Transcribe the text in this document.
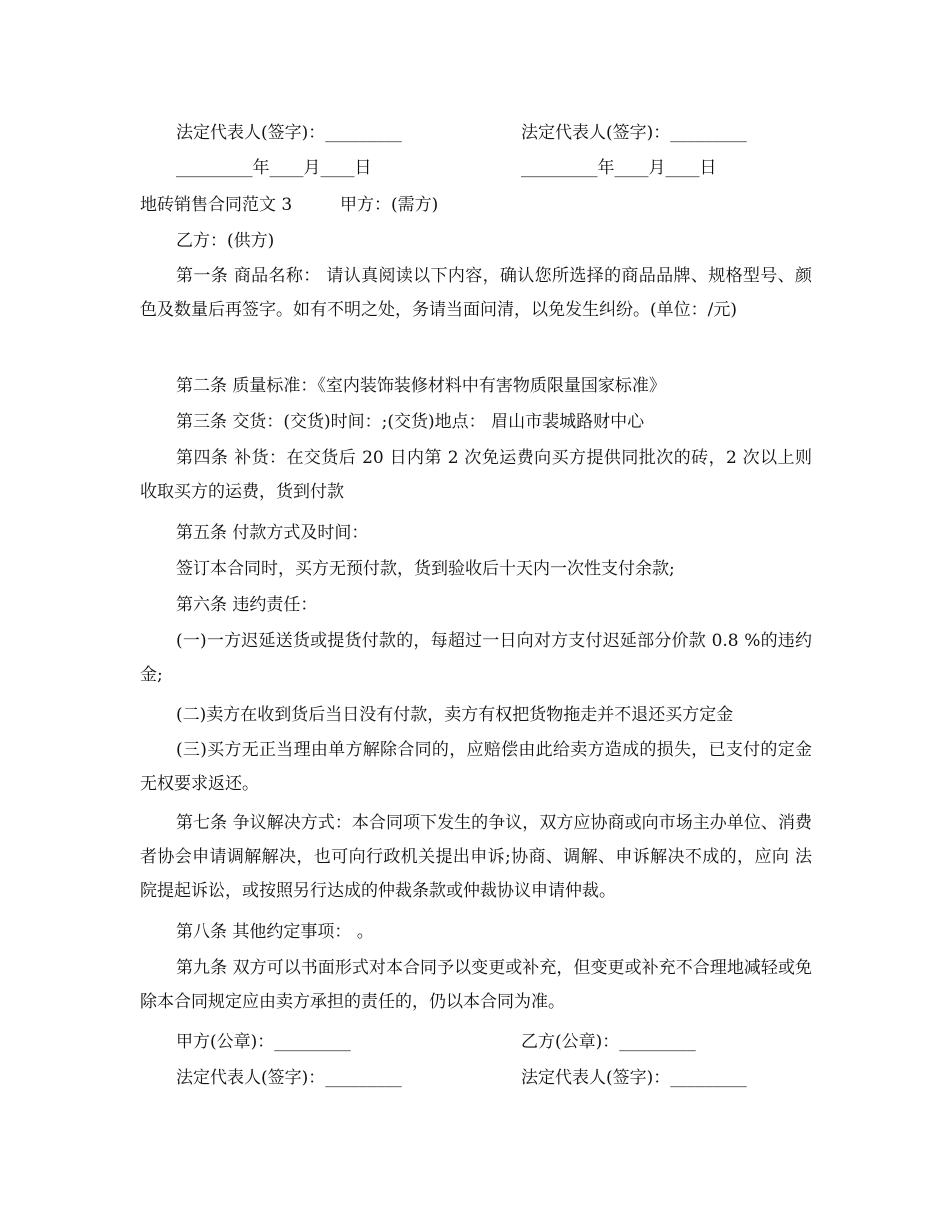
法定代表人(签字)：_________	法定代表人(签字)：_________
_________年____月____日	_________年____月____日
地砖销售合同范文 3	甲方：(需方)
乙方：(供方)
第一条 商品名称： 请认真阅读以下内容，确认您所选择的商品品牌、规格型号、颜色及数量后再签字。如有不明之处，务请当面问清，以免发生纠纷。(单位：/元)
第二条 质量标准：《室内装饰装修材料中有害物质限量国家标准》
第三条 交货：(交货)时间：;(交货)地点： 眉山市裴城路财中心
第四条 补货：在交货后 20 日内第 2 次免运费向买方提供同批次的砖，2 次以上则收取买方的运费，货到付款
第五条 付款方式及时间：
签订本合同时，买方无预付款，货到验收后十天内一次性支付余款;
第六条 违约责任：
(一)一方迟延送货或提货付款的，每超过一日向对方支付迟延部分价款 0.8 %的违约金;
(二)卖方在收到货后当日没有付款，卖方有权把货物拖走并不退还买方定金
(三)买方无正当理由单方解除合同的，应赔偿由此给卖方造成的损失，已支付的定金无权要求返还。
第七条 争议解决方式：本合同项下发生的争议，双方应协商或向市场主办单位、消费者协会申请调解解决，也可向行政机关提出申诉;协商、调解、申诉解决不成的，应向 法院提起诉讼，或按照另行达成的仲裁条款或仲裁协议申请仲裁。
第八条 其他约定事项： 。
第九条 双方可以书面形式对本合同予以变更或补充，但变更或补充不合理地减轻或免除本合同规定应由卖方承担的责任的，仍以本合同为准。
甲方(公章)：_________	乙方(公章)：_________
法定代表人(签字)：_________	法定代表人(签字)：_________
